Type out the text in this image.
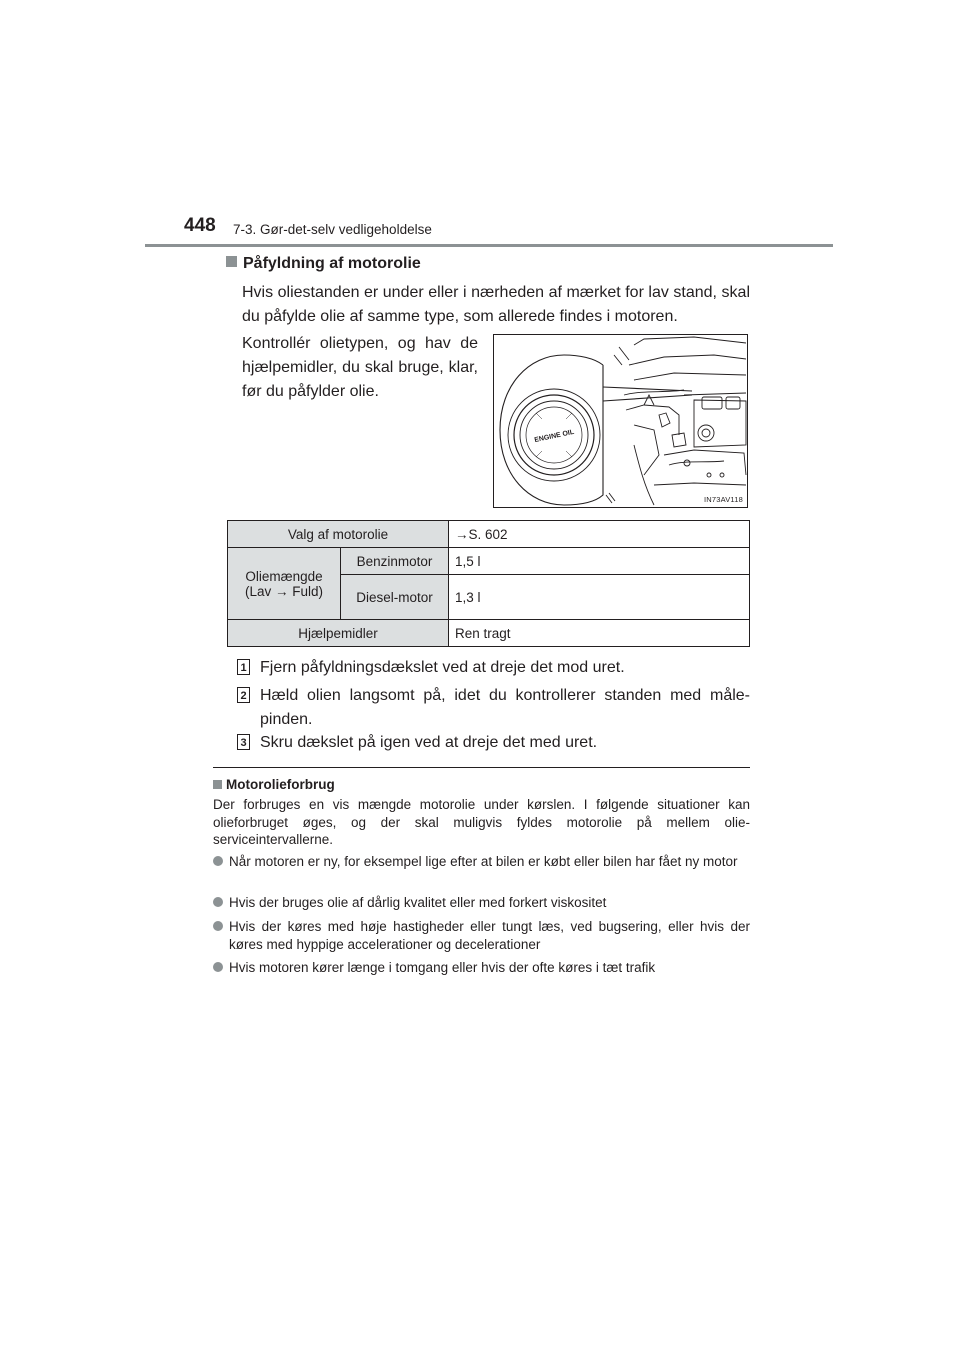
448 7-3. Gør-det-selv vedligeholdelse
Påfyldning af motorolie
Hvis oliestanden er under eller i nærheden af mærket for lav stand, skal du påfylde olie af samme type, som allerede findes i motoren.
Kontrollér olietypen, og hav de hjælpemidler, du skal bruge, klar, før du påfylder olie.
ENGINE OIL
IN73AV118
Valg af motorolie		→S. 602
Oliemængde (Lav → Fuld)	Benzinmotor	1,5 l
	Diesel-motor	1,3 l
Hjælpemidler		Ren tragt
1 Fjern påfyldningsdækslet ved at dreje det mod uret.
2 Hæld olien langsomt på, idet du kontrollerer standen med måle-pinden.
3 Skru dækslet på igen ved at dreje det med uret.
Motorolieforbrug
Der forbruges en vis mængde motorolie under kørslen. I følgende situationer kan olieforbruget øges, og der skal muligvis fyldes motorolie på mellem olie-serviceintervallerne.
Når motoren er ny, for eksempel lige efter at bilen er købt eller bilen har fået ny motor
Hvis der bruges olie af dårlig kvalitet eller med forkert viskositet
Hvis der køres med høje hastigheder eller tungt læs, ved bugsering, eller hvis der køres med hyppige accelerationer og decelerationer
Hvis motoren kører længe i tomgang eller hvis der ofte køres i tæt trafik
